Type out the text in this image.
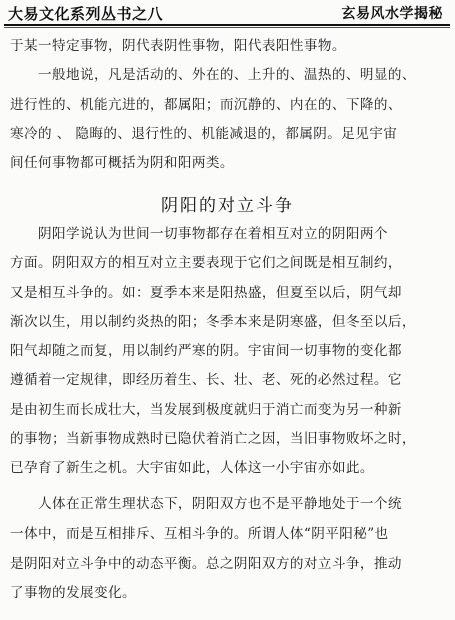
大易文化系列丛书之八	玄易风水学揭秘
于某一特定事物，阴代表阴性事物，阳代表阳性事物。
一般地说，凡是活动的、外在的、上升的、温热的、明显的、
进行性的、机能亢进的，都属阳；而沉静的、内在的、下降的、
寒冷的 、 隐晦的、退行性的、机能减退的，都属阴。足见宇宙
间任何事物都可概括为阴和阳两类。
阴阳的对立斗争
阴阳学说认为世间一切事物都存在着相互对立的阴阳两个
方面。阴阳双方的相互对立主要表现于它们之间既是相互制约，
又是相互斗争的。如：夏季本来是阳热盛，但夏至以后，阴气却
渐次以生，用以制约炎热的阳；冬季本来是阴寒盛，但冬至以后，
阳气却随之而复，用以制约严寒的阴。宇宙间一切事物的变化都
遵循着一定规律，即经历着生、长、壮、老、死的必然过程。它
是由初生而长成壮大，当发展到极度就归于消亡而变为另一种新
的事物；当新事物成熟时已隐伏着消亡之因，当旧事物败坏之时，
已孕育了新生之机。大宇宙如此，人体这一小宇宙亦如此。
人体在正常生理状态下，阴阳双方也不是平静地处于一个统
一体中，而是互相排斥、互相斗争的。所谓人体“阴平阳秘”也
是阴阳对立斗争中的动态平衡。总之阴阳双方的对立斗争，推动
了事物的发展变化。
